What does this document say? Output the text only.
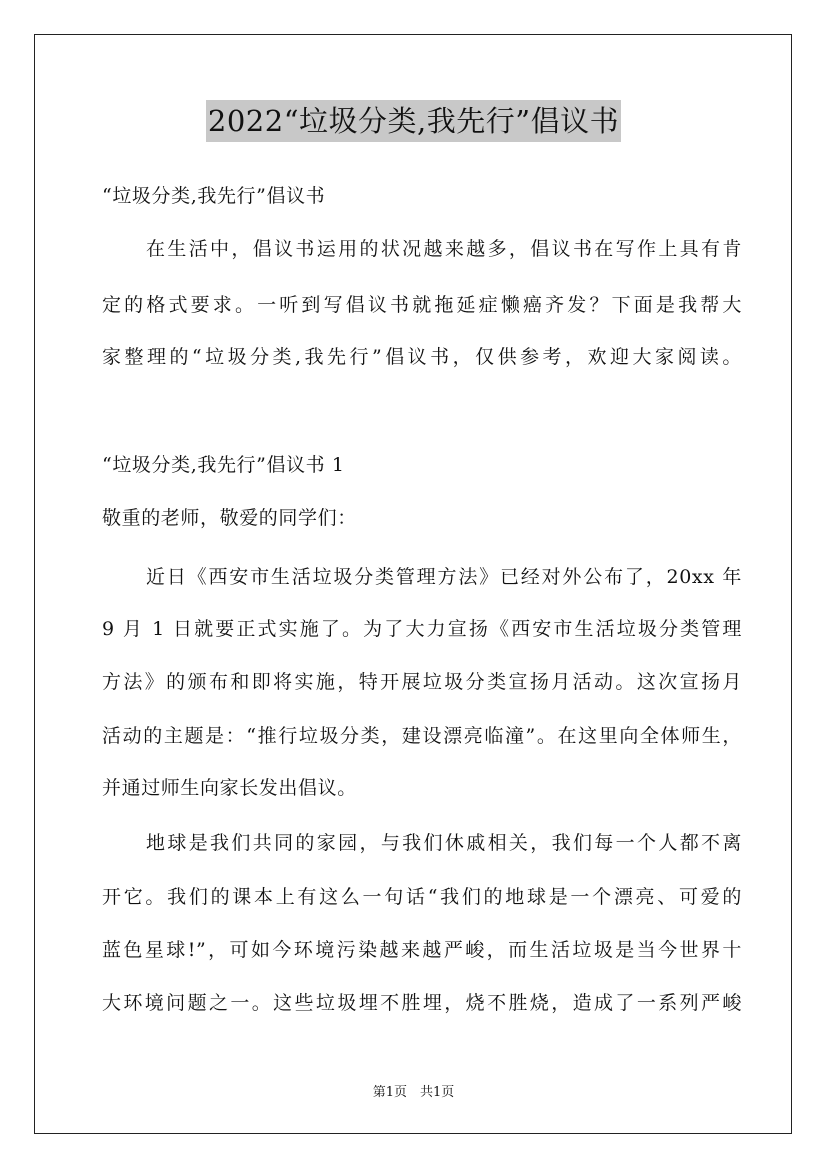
2022“垃圾分类,我先行”倡议书
“垃圾分类,我先行”倡议书
在生活中，倡议书运用的状况越来越多，倡议书在写作上具有肯
定的格式要求。一听到写倡议书就拖延症懒癌齐发？下面是我帮大
家整理的“垃圾分类,我先行”倡议书，仅供参考，欢迎大家阅读。
“垃圾分类,我先行”倡议书 1
敬重的老师，敬爱的同学们：
近日《西安市生活垃圾分类管理方法》已经对外公布了，20xx 年
9 月 1 日就要正式实施了。为了大力宣扬《西安市生活垃圾分类管理
方法》的颁布和即将实施，特开展垃圾分类宣扬月活动。这次宣扬月
活动的主题是：“推行垃圾分类，建设漂亮临潼”。在这里向全体师生，
并通过师生向家长发出倡议。
地球是我们共同的家园，与我们休戚相关，我们每一个人都不离
开它。我们的课本上有这么一句话“我们的地球是一个漂亮、可爱的
蓝色星球!”，可如今环境污染越来越严峻，而生活垃圾是当今世界十
大环境问题之一。这些垃圾埋不胜埋，烧不胜烧，造成了一系列严峻
第1页　共1页
